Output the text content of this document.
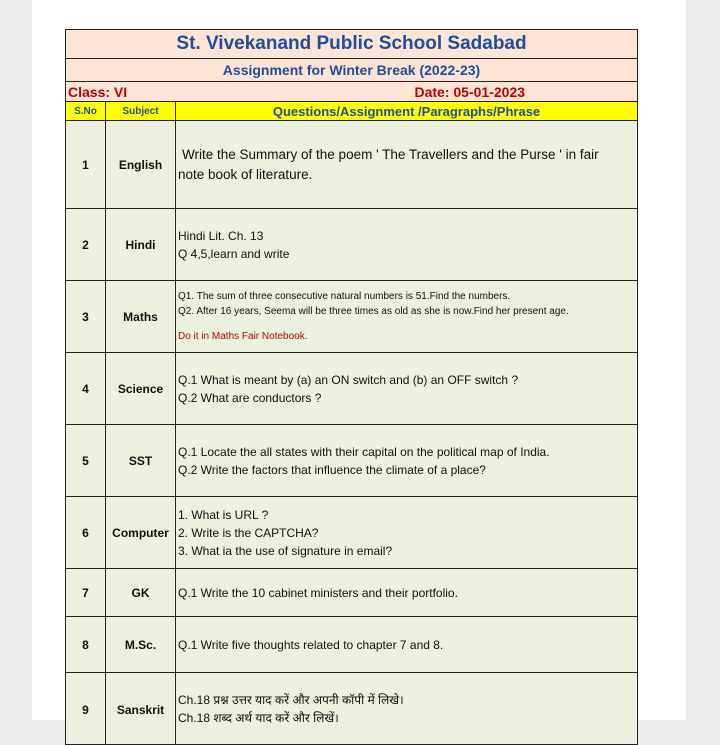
St. Vivekanand Public School Sadabad		
Assignment for Winter Break (2022-23)		
Class: VI		Date: 05-01-2023
S.No	Subject	Questions/Assignment /Paragraphs/Phrase
1	English	Write the Summary of the poem ' The Travellers and the Purse ' in fair
note book of literature.

2	Hindi	Hindi Lit. Ch. 13
Q 4,5,learn and write

3	Maths	Q1. The sum of three consecutive natural numbers is 51.Find the numbers.
Q2. After 16 years, Seema will be three times as old as she is now.Find her present age.
Do it in Maths Fair Notebook.

4	Science	Q.1 What is meant by (a) an ON switch and (b) an OFF switch ?
Q.2 What are conductors ?

5	SST	Q.1 Locate the all states with their capital on the political map of India.
Q.2 Write the factors that influence the climate of a place?

6	Computer	1. What is URL ?
2. Write is the CAPTCHA?
3. What ia the use of signature in email?

7	GK	Q.1 Write the 10 cabinet ministers and their portfolio.

8	M.Sc.	Q.1 Write five thoughts related to chapter 7 and 8.

9	Sanskrit	Ch.18 प्रश्न उत्तर याद करें और अपनी कॉपी में लिखे।
Ch.18 शब्द अर्थ याद करें और लिखें।
